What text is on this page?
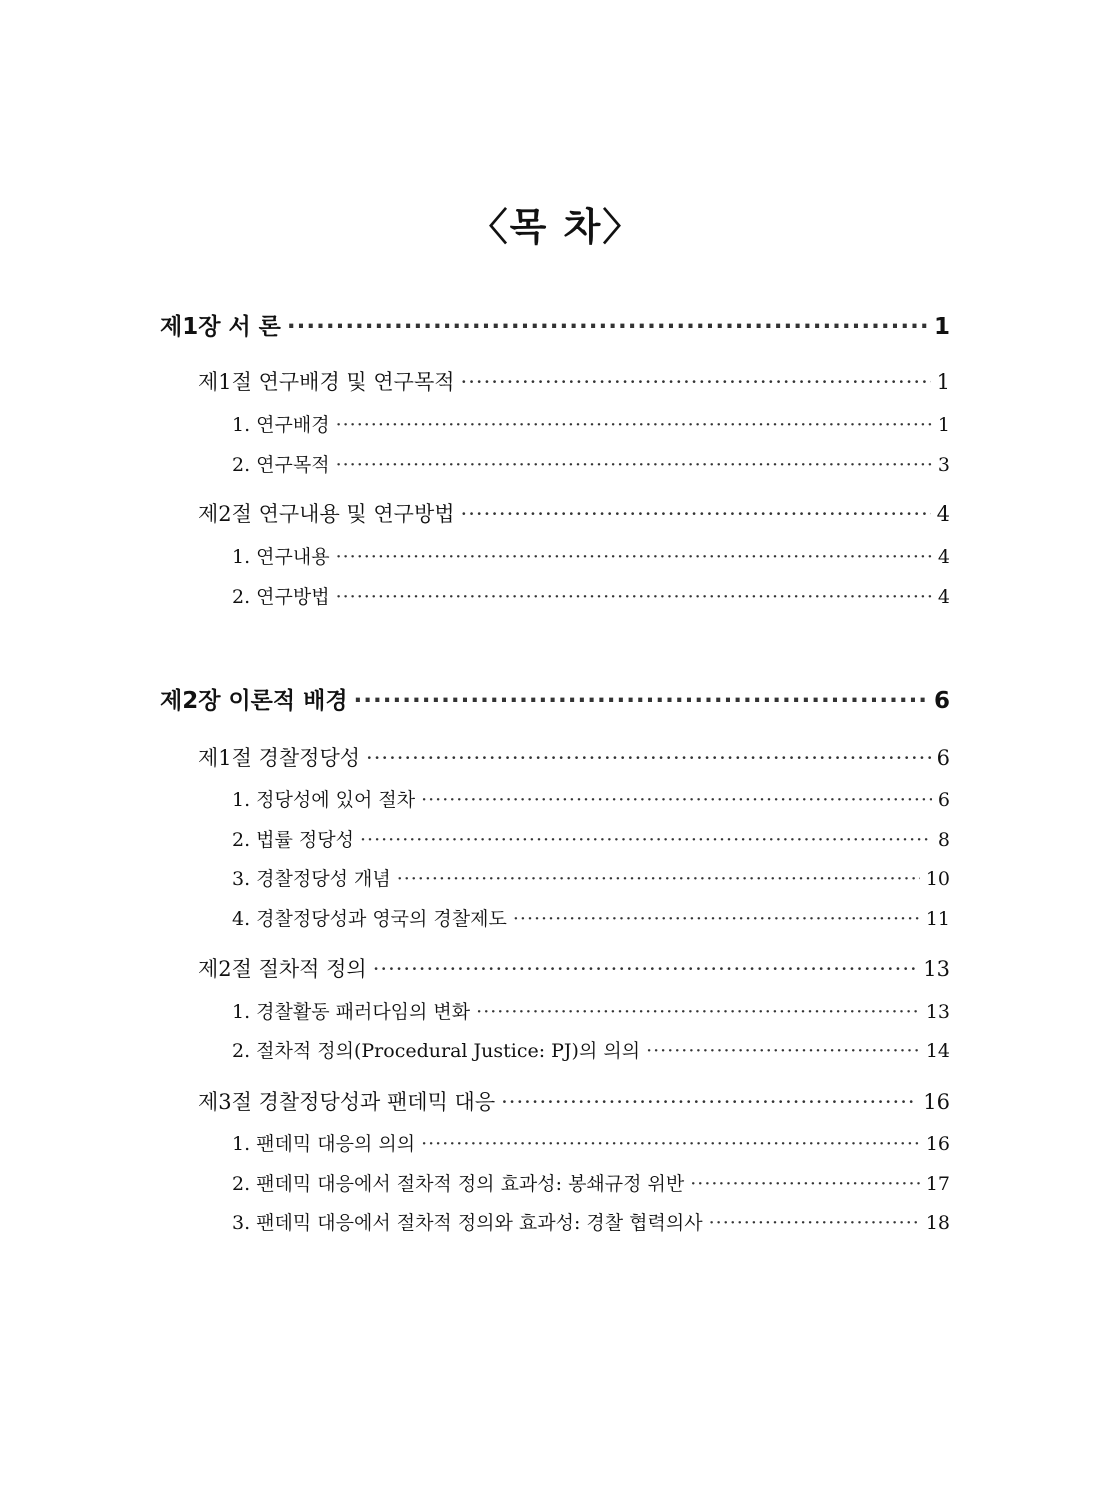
〈목 차〉
제1장 서 론 ·····	1
제1절 연구배경 및 연구목적 ·····	1
1. 연구배경 ·····	1
2. 연구목적 ·····	3
제2절 연구내용 및 연구방법 ·····	4
1. 연구내용 ·····	4
2. 연구방법 ·····	4
제2장 이론적 배경 ·····	6
제1절 경찰정당성 ·····	6
1. 정당성에 있어 절차 ·····	6
2. 법률 정당성 ·····	8
3. 경찰정당성 개념 ·····	10
4. 경찰정당성과 영국의 경찰제도 ·····	11
제2절 절차적 정의 ·····	13
1. 경찰활동 패러다임의 변화 ·····	13
2. 절차적 정의(Procedural Justice: PJ)의 의의 ·····	14
제3절 경찰정당성과 팬데믹 대응 ·····	16
1. 팬데믹 대응의 의의 ·····	16
2. 팬데믹 대응에서 절차적 정의 효과성: 봉쇄규정 위반 ·····	17
3. 팬데믹 대응에서 절차적 정의와 효과성: 경찰 협력의사 ·····	18
